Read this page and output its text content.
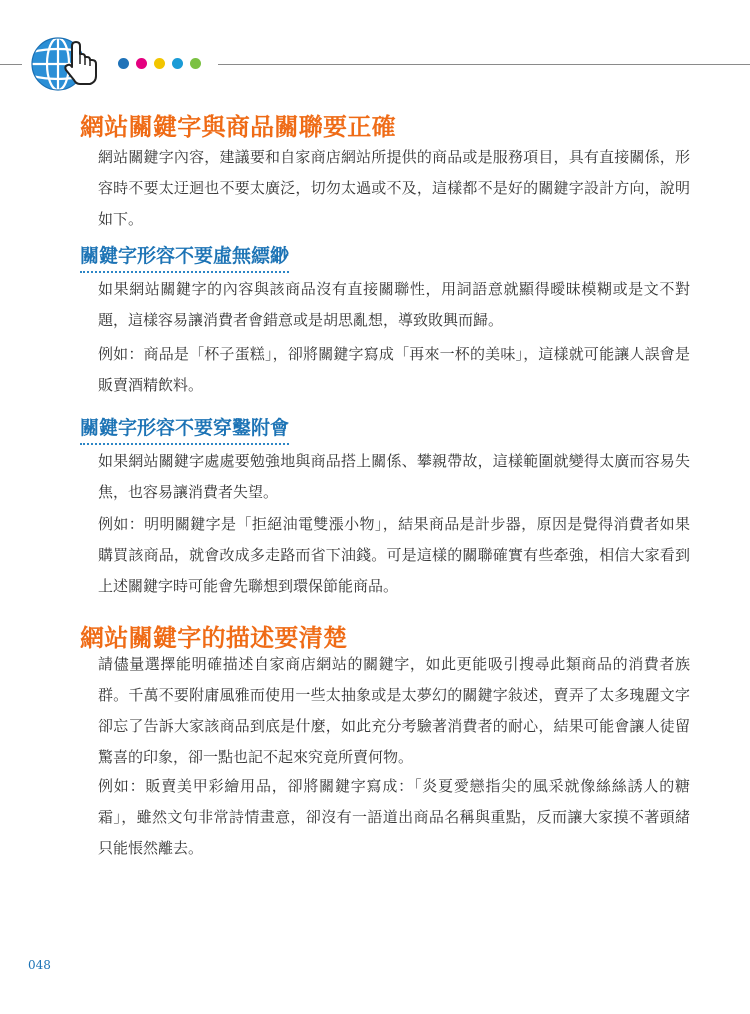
網站關鍵字與商品關聯要正確

網站關鍵字內容，建議要和自家商店網站所提供的商品或是服務項目，具有直接關係，形容時不要太迂迴也不要太廣泛，切勿太過或不及，這樣都不是好的關鍵字設計方向，說明如下。

關鍵字形容不要虛無縹緲

如果網站關鍵字的內容與該商品沒有直接關聯性，用詞語意就顯得曖昧模糊或是文不對題，這樣容易讓消費者會錯意或是胡思亂想，導致敗興而歸。

例如：商品是「杯子蛋糕」，卻將關鍵字寫成「再來一杯的美味」，這樣就可能讓人誤會是販賣酒精飲料。

關鍵字形容不要穿鑿附會

如果網站關鍵字處處要勉強地與商品搭上關係、攀親帶故，這樣範圍就變得太廣而容易失焦，也容易讓消費者失望。

例如：明明關鍵字是「拒絕油電雙漲小物」，結果商品是計步器，原因是覺得消費者如果購買該商品，就會改成多走路而省下油錢。可是這樣的關聯確實有些牽強，相信大家看到上述關鍵字時可能會先聯想到環保節能商品。

網站關鍵字的描述要清楚

請儘量選擇能明確描述自家商店網站的關鍵字，如此更能吸引搜尋此類商品的消費者族群。千萬不要附庸風雅而使用一些太抽象或是太夢幻的關鍵字敍述，賣弄了太多瑰麗文字卻忘了告訴大家該商品到底是什麼，如此充分考驗著消費者的耐心，結果可能會讓人徒留驚喜的印象，卻一點也記不起來究竟所賣何物。

例如：販賣美甲彩繪用品，卻將關鍵字寫成：「炎夏愛戀指尖的風采就像絲絲誘人的糖霜」，雖然文句非常詩情畫意，卻沒有一語道出商品名稱與重點，反而讓大家摸不著頭緒只能悵然離去。

048
